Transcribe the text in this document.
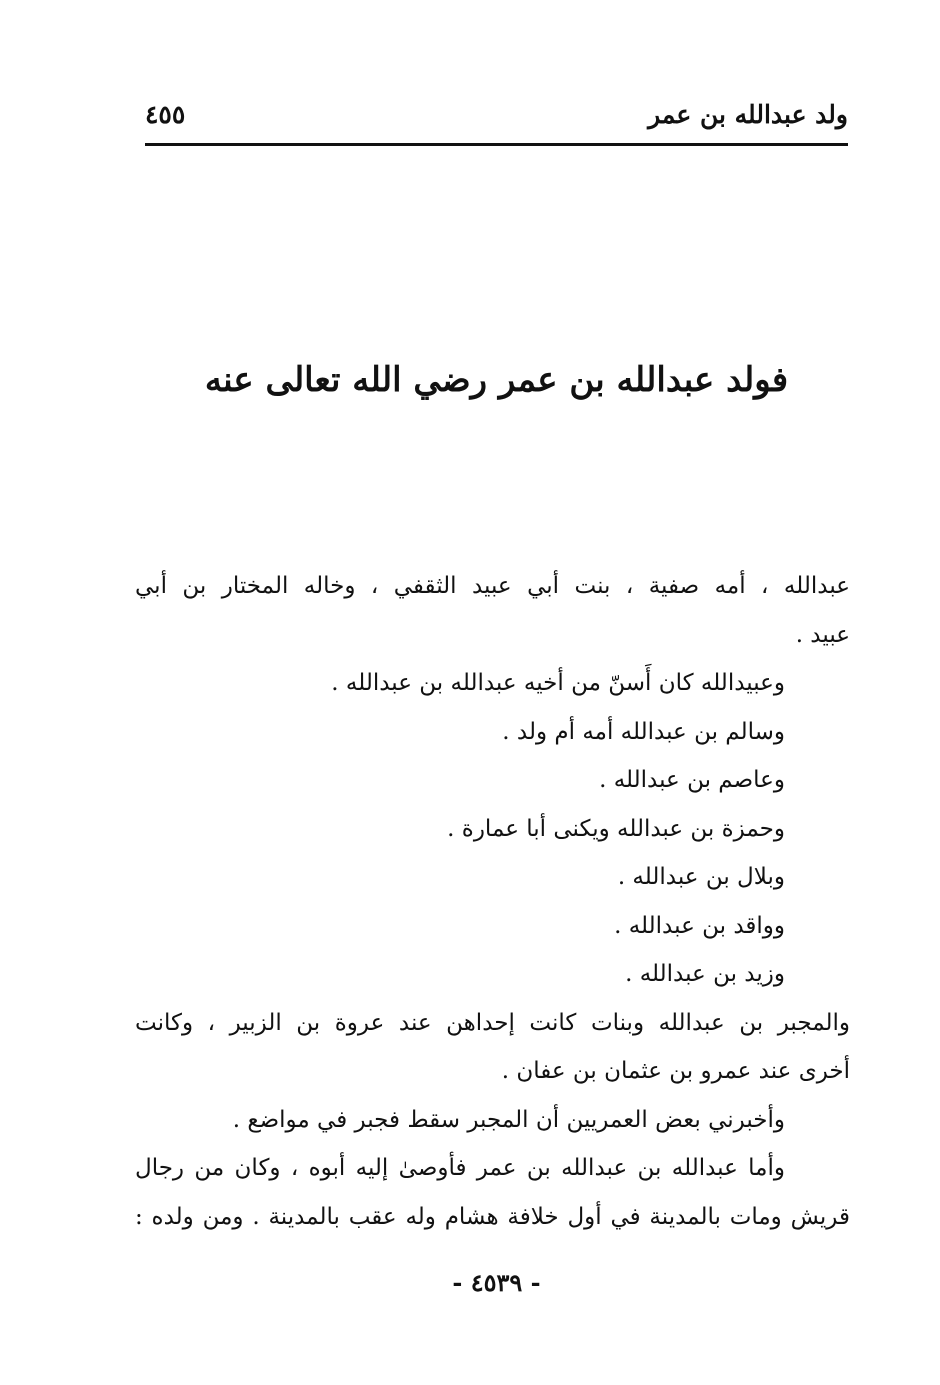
ولد عبدالله بن عمر
٤٥٥
فولد عبدالله بن عمر رضي الله تعالى عنه
عبدالله ، أمه صفية ، بنت أبي عبيد الثقفي ، وخاله المختار بن أبي
عبيد .
وعبيدالله كان أَسنّ من أخيه عبدالله بن عبدالله .
وسالم بن عبدالله أمه أم ولد .
وعاصم بن عبدالله .
وحمزة بن عبدالله ويكنى أبا عمارة .
وبلال بن عبدالله .
وواقد بن عبدالله .
وزيد بن عبدالله .
والمجبر بن عبدالله وبنات كانت إحداهن عند عروة بن الزبير ، وكانت
أخرى عند عمرو بن عثمان بن عفان .
وأخبرني بعض العمريين أن المجبر سقط فجبر في مواضع .
وأما عبدالله بن عبدالله بن عمر فأوصىٰ إليه أبوه ، وكان من رجال
قريش ومات بالمدينة في أول خلافة هشام وله عقب بالمدينة . ومن ولده :
- ٤٥٣٩ -
